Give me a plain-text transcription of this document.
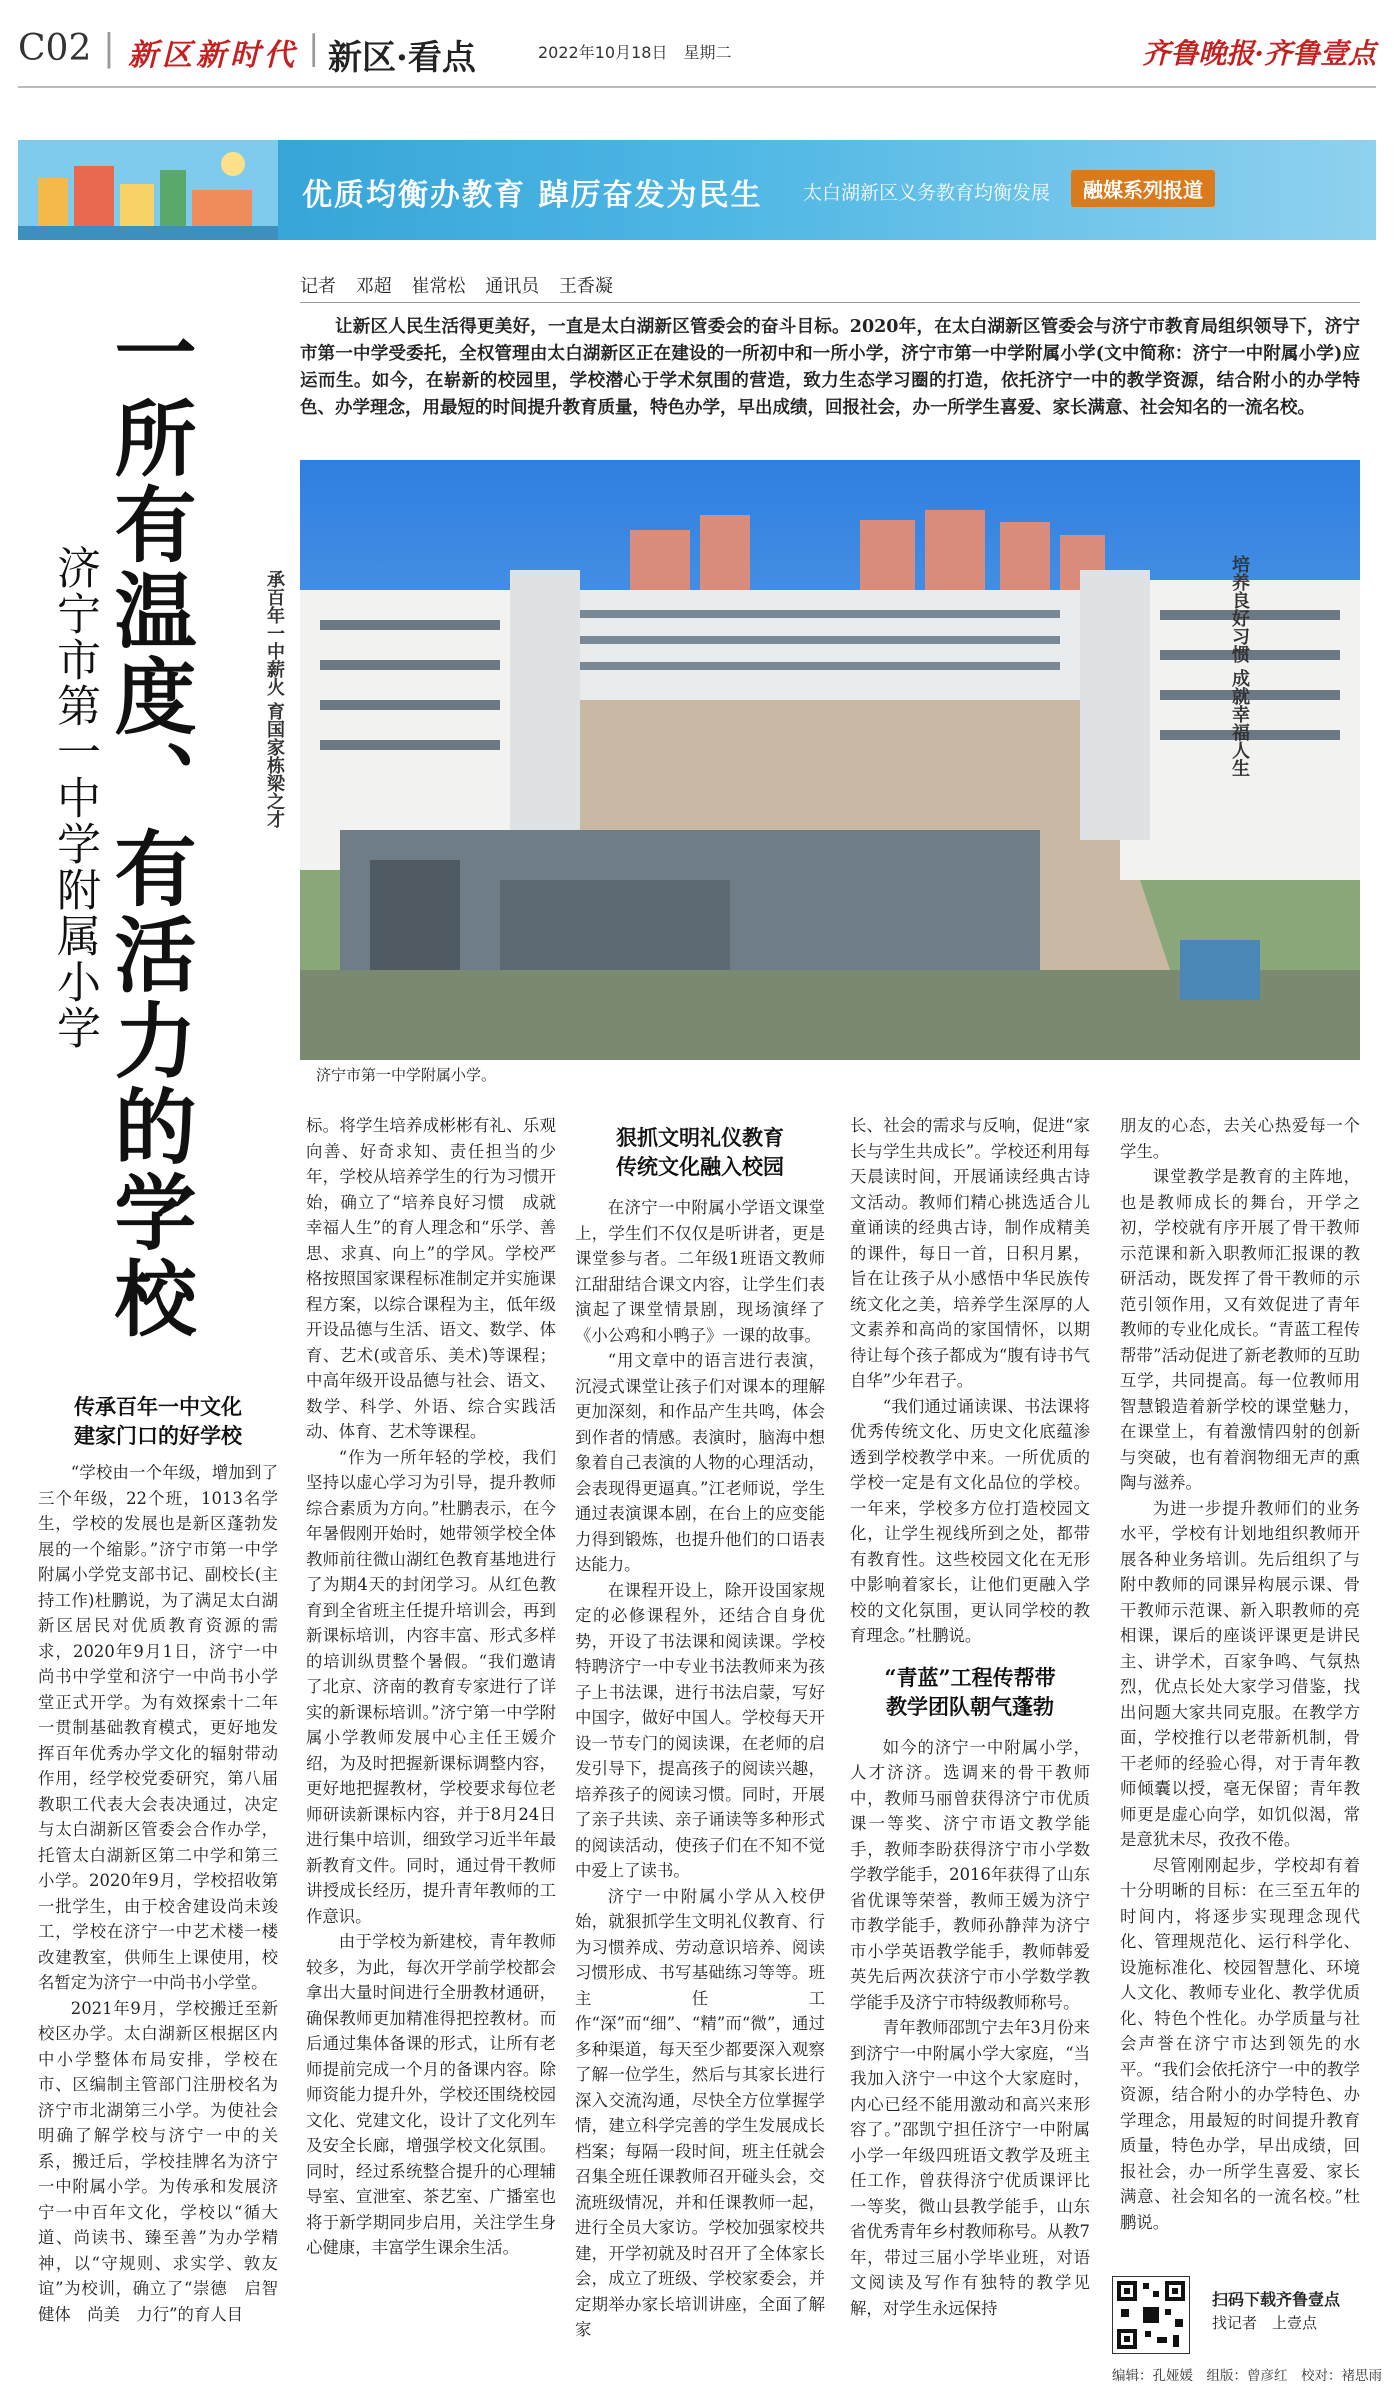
C02 | 新区新时代 | 新区·看点	2022年10月18日　 星期二	齐鲁晚报·齐鲁壹点
优质均衡办教育 踔厉奋发为民生 太白湖新区义务教育均衡发展	融媒系列报道
记者 邓超 崔常松 通讯员 王香凝
让新区人民生活得更美好，一直是太白湖新区管委会的奋斗目标。2020年，在太白湖新区管委会与济宁市教育局组织领导下，济宁市第一中学受委托，全权管理由太白湖新区正在建设的一所初中和一所小学，济宁市第一中学附属小学(文中简称：济宁一中附属小学)应运而生。如今，在崭新的校园里，学校潜心于学术氛围的营造，致力生态学习圈的打造，依托济宁一中的教学资源，结合附小的办学特色、办学理念，用最短的时间提升教育质量，特色办学，早出成绩，回报社会，办一所学生喜爱、家长满意、社会知名的一流名校。
一所有温度、有活力的学校
济宁市第一中学附属小学	承百年一中薪火 育国家栋梁之才	培养良好习惯 成就幸福人生
济宁市第一中学附属小学。
传承百年一中文化
建家门口的好学校

“学校由一个年级，增加到了三个年级，22个班，1013名学生，学校的发展也是新区蓬勃发展的一个缩影。”济宁市第一中学附属小学党支部书记、副校长(主持工作)杜鹏说，为了满足太白湖新区居民对优质教育资源的需求，2020年9月1日，济宁一中尚书中学堂和济宁一中尚书小学堂正式开学。为有效探索十二年一贯制基础教育模式，更好地发挥百年优秀办学文化的辐射带动作用，经学校党委研究，第八届教职工代表大会表决通过，决定与太白湖新区管委会合作办学，托管太白湖新区第二中学和第三小学。2020年9月，学校招收第一批学生，由于校舍建设尚未竣工，学校在济宁一中艺术楼一楼改建教室，供师生上课使用，校名暂定为济宁一中尚书小学堂。

2021年9月，学校搬迁至新校区办学。太白湖新区根据区内中小学整体布局安排，学校在市、区编制主管部门注册校名为济宁市北湖第三小学。为使社会明确了解学校与济宁一中的关系，搬迁后，学校挂牌名为济宁一中附属小学。为传承和发展济宁一中百年文化，学校以“循大道、尚读书、臻至善”为办学精神，以“守规则、求实学、敦友谊”为校训，确立了“崇德　启智　健体　尚美　力行”的育人目

标。将学生培养成彬彬有礼、乐观向善、好奇求知、责任担当的少年，学校从培养学生的行为习惯开始，确立了“培养良好习惯　成就幸福人生”的育人理念和“乐学、善思、求真、向上”的学风。学校严格按照国家课程标准制定并实施课程方案，以综合课程为主，低年级开设品德与生活、语文、数学、体育、艺术(或音乐、美术)等课程；中高年级开设品德与社会、语文、数学、科学、外语、综合实践活动、体育、艺术等课程。

“作为一所年轻的学校，我们坚持以虚心学习为引导，提升教师综合素质为方向。”杜鹏表示，在今年暑假刚开始时，她带领学校全体教师前往微山湖红色教育基地进行了为期4天的封闭学习。从红色教育到全省班主任提升培训会，再到新课标培训，内容丰富、形式多样的培训纵贯整个暑假。“我们邀请了北京、济南的教育专家进行了详实的新课标培训。”济宁第一中学附属小学教师发展中心主任王媛介绍，为及时把握新课标调整内容，更好地把握教材，学校要求每位老师研读新课标内容，并于8月24日进行集中培训，细致学习近半年最新教育文件。同时，通过骨干教师讲授成长经历，提升青年教师的工作意识。

由于学校为新建校，青年教师较多，为此，每次开学前学校都会拿出大量时间进行全册教材通研，确保教师更加精准得把控教材。而后通过集体备课的形式，让所有老师提前完成一个月的备课内容。除师资能力提升外，学校还围绕校园文化、党建文化，设计了文化列车及安全长廊，增强学校文化氛围。同时，经过系统整合提升的心理辅导室、宣泄室、茶艺室、广播室也将于新学期同步启用，关注学生身心健康，丰富学生课余生活。

狠抓文明礼仪教育
传统文化融入校园

在济宁一中附属小学语文课堂上，学生们不仅仅是听讲者，更是课堂参与者。二年级1班语文教师江甜甜结合课文内容，让学生们表演起了课堂情景剧，现场演绎了《小公鸡和小鸭子》一课的故事。

“用文章中的语言进行表演，沉浸式课堂让孩子们对课本的理解更加深刻，和作品产生共鸣，体会到作者的情感。表演时，脑海中想象着自己表演的人物的心理活动，会表现得更逼真。”江老师说，学生通过表演课本剧，在台上的应变能力得到锻炼，也提升他们的口语表达能力。

在课程开设上，除开设国家规定的必修课程外，还结合自身优势，开设了书法课和阅读课。学校特聘济宁一中专业书法教师来为孩子上书法课，进行书法启蒙，写好中国字，做好中国人。学校每天开设一节专门的阅读课，在老师的启发引导下，提高孩子的阅读兴趣，培养孩子的阅读习惯。同时，开展了亲子共读、亲子诵读等多种形式的阅读活动，使孩子们在不知不觉中爱上了读书。

济宁一中附属小学从入校伊始，就狠抓学生文明礼仪教育、行为习惯养成、劳动意识培养、阅读习惯形成、书写基础练习等等。班主任工作“深”而“细”、“精”而“微”，通过多种渠道，每天至少都要深入观察了解一位学生，然后与其家长进行深入交流沟通，尽快全方位掌握学情，建立科学完善的学生发展成长档案；每隔一段时间，班主任就会召集全班任课教师召开碰头会，交流班级情况，并和任课教师一起，进行全员大家访。学校加强家校共建，开学初就及时召开了全体家长会，成立了班级、学校家委会，并定期举办家长培训讲座，全面了解家

长、社会的需求与反响，促进“家长与学生共成长”。学校还利用每天晨读时间，开展诵读经典古诗文活动。教师们精心挑选适合儿童诵读的经典古诗，制作成精美的课件，每日一首，日积月累，旨在让孩子从小感悟中华民族传统文化之美，培养学生深厚的人文素养和高尚的家国情怀，以期待让每个孩子都成为“腹有诗书气自华”少年君子。

“我们通过诵读课、书法课将优秀传统文化、历史文化底蕴渗透到学校教学中来。一所优质的学校一定是有文化品位的学校。一年来，学校多方位打造校园文化，让学生视线所到之处，都带有教育性。这些校园文化在无形中影响着家长，让他们更融入学校的文化氛围，更认同学校的教育理念。”杜鹏说。

“青蓝”工程传帮带
教学团队朝气蓬勃

如今的济宁一中附属小学，人才济济。选调来的骨干教师中，教师马丽曾获得济宁市优质课一等奖、济宁市语文教学能手，教师李盼获得济宁市小学数学教学能手，2016年获得了山东省优课等荣誉，教师王媛为济宁市教学能手，教师孙静萍为济宁市小学英语教学能手，教师韩爱英先后两次获济宁市小学数学教学能手及济宁市特级教师称号。

青年教师邵凯宁去年3月份来到济宁一中附属小学大家庭，“当我加入济宁一中这个大家庭时，内心已经不能用激动和高兴来形容了。”邵凯宁担任济宁一中附属小学一年级四班语文教学及班主任工作，曾获得济宁优质课评比一等奖，微山县教学能手，山东省优秀青年乡村教师称号。从教7年，带过三届小学毕业班，对语文阅读及写作有独特的教学见解，对学生永远保持

朋友的心态，去关心热爱每一个学生。

课堂教学是教育的主阵地，也是教师成长的舞台，开学之初，学校就有序开展了骨干教师示范课和新入职教师汇报课的教研活动，既发挥了骨干教师的示范引领作用，又有效促进了青年教师的专业化成长。“青蓝工程传帮带”活动促进了新老教师的互助互学，共同提高。每一位教师用智慧锻造着新学校的课堂魅力，在课堂上，有着激情四射的创新与突破，也有着润物细无声的熏陶与滋养。

为进一步提升教师们的业务水平，学校有计划地组织教师开展各种业务培训。先后组织了与附中教师的同课异构展示课、骨干教师示范课、新入职教师的亮相课，课后的座谈评课更是讲民主、讲学术，百家争鸣、气氛热烈，优点长处大家学习借鉴，找出问题大家共同克服。在教学方面，学校推行以老带新机制，骨干老师的经验心得，对于青年教师倾囊以授，毫无保留；青年教师更是虚心向学，如饥似渴，常是意犹未尽，孜孜不倦。

尽管刚刚起步，学校却有着十分明晰的目标：在三至五年的时间内，将逐步实现理念现代化、管理规范化、运行科学化、设施标准化、校园智慧化、环境人文化、教师专业化、教学优质化、特色个性化。办学质量与社会声誉在济宁市达到领先的水平。“我们会依托济宁一中的教学资源，结合附小的办学特色、办学理念，用最短的时间提升教育质量，特色办学，早出成绩，回报社会，办一所学生喜爱、家长满意、社会知名的一流名校。”杜鹏说。

扫码下载齐鲁壹点
找记者　上壹点
编辑：孔娅媛　组版：曾彦红　校对：褚思雨
